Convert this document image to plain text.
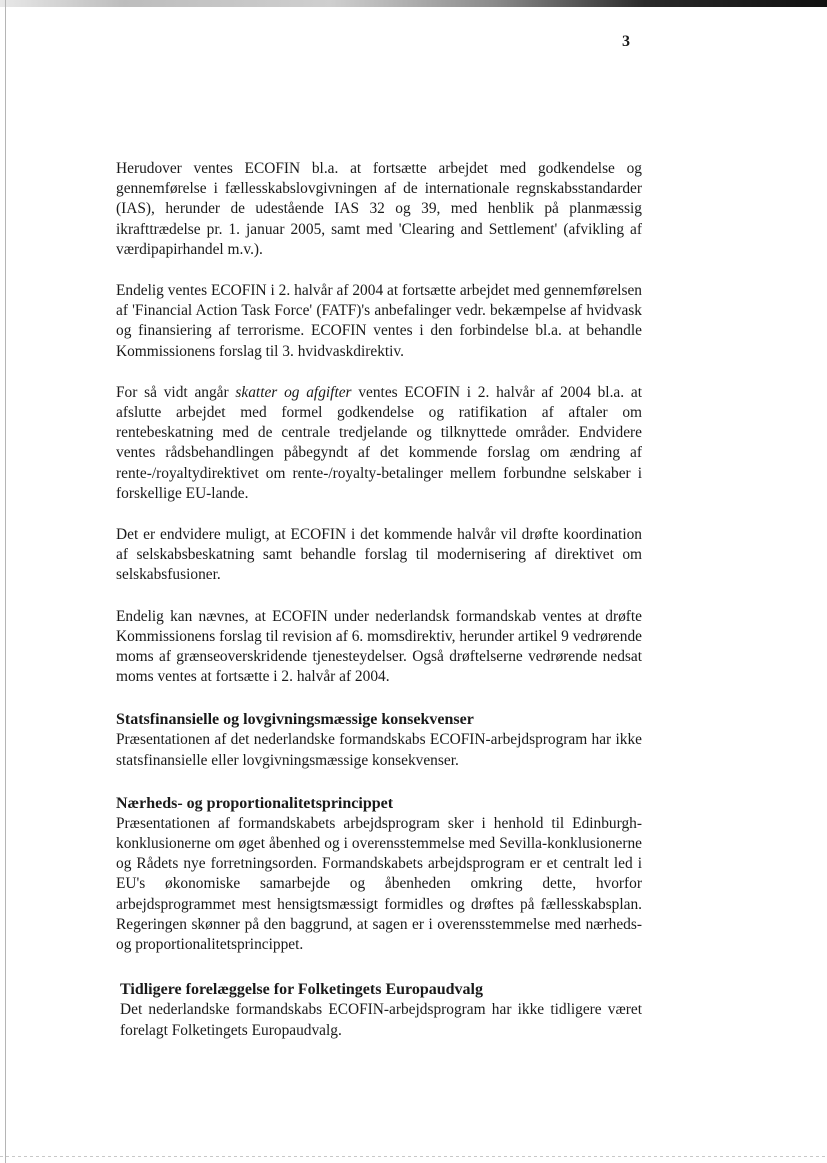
3

Herudover ventes ECOFIN bl.a. at fortsætte arbejdet med godkendelse og gennemførelse i fællesskabslovgivningen af de internationale regnskabsstandarder (IAS), herunder de udestående IAS 32 og 39, med henblik på planmæssig ikrafttrædelse pr. 1. januar 2005, samt med 'Clearing and Settlement' (afvikling af værdipapirhandel m.v.).

Endelig ventes ECOFIN i 2. halvår af 2004 at fortsætte arbejdet med gennemførelsen af 'Financial Action Task Force' (FATF)'s anbefalinger vedr. bekæmpelse af hvidvask og finansiering af terrorisme. ECOFIN ventes i den forbindelse bl.a. at behandle Kommissionens forslag til 3. hvidvaskdirektiv.

For så vidt angår skatter og afgifter ventes ECOFIN i 2. halvår af 2004 bl.a. at afslutte arbejdet med formel godkendelse og ratifikation af aftaler om rentebeskatning med de centrale tredjelande og tilknyttede områder. Endvidere ventes rådsbehandlingen påbegyndt af det kommende forslag om ændring af rente-/royaltydirektivet om rente-/royalty-betalinger mellem forbundne selskaber i forskellige EU-lande.

Det er endvidere muligt, at ECOFIN i det kommende halvår vil drøfte koordination af selskabsbeskatning samt behandle forslag til modernisering af direktivet om selskabsfusioner.

Endelig kan nævnes, at ECOFIN under nederlandsk formandskab ventes at drøfte Kommissionens forslag til revision af 6. momsdirektiv, herunder artikel 9 vedrørende moms af grænseoverskridende tjenesteydelser. Også drøftelserne vedrørende nedsat moms ventes at fortsætte i 2. halvår af 2004.

Statsfinansielle og lovgivningsmæssige konsekvenser

Præsentationen af det nederlandske formandskabs ECOFIN-arbejdsprogram har ikke statsfinansielle eller lovgivningsmæssige konsekvenser.

Nærheds- og proportionalitetsprincippet

Præsentationen af formandskabets arbejdsprogram sker i henhold til Edinburgh-konklusionerne om øget åbenhed og i overensstemmelse med Sevilla-konklusionerne og Rådets nye forretningsorden. Formandskabets arbejdsprogram er et centralt led i EU's økonomiske samarbejde og åbenheden omkring dette, hvorfor arbejdsprogrammet mest hensigtsmæssigt formidles og drøftes på fællesskabsplan. Regeringen skønner på den baggrund, at sagen er i overensstemmelse med nærheds- og proportionalitetsprincippet.

Tidligere forelæggelse for Folketingets Europaudvalg

Det nederlandske formandskabs ECOFIN-arbejdsprogram har ikke tidligere været forelagt Folketingets Europaudvalg.
